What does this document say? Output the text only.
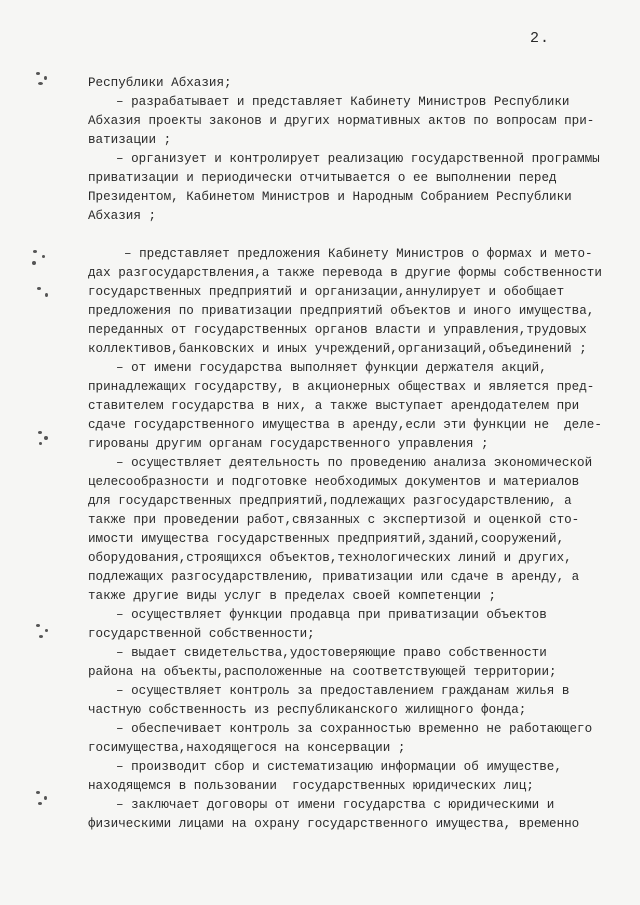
2.
Республики Абхазия;
– разрабатывает и представляет Кабинету Министров Республики
Абхазия проекты законов и других нормативных актов по вопросам при-
ватизации ;
– организует и контролирует реализацию государственной программы
приватизации и периодически отчитывается о ее выполнении перед
Президентом, Кабинетом Министров и Народным Собранием Республики
Абхазия ;
– представляет предложения Кабинету Министров о формах и мето-
дах разгосударствления,а также перевода в другие формы собственности
государственных предприятий и организации,аннулирует и обобщает
предложения по приватизации предприятий объектов и иного имущества,
переданных от государственных органов власти и управления,трудовых
коллективов,банковских и иных учреждений,организаций,объединений ;
– от имени государства выполняет функции держателя акций,
принадлежащих государству, в акционерных обществах и является пред-
ставителем государства в них, а также выступает арендодателем при
сдаче государственного имущества в аренду,если эти функции не  делe-
гированы другим органам государственного управления ;
– осуществляет деятельность по проведению анализа экономической
целесообразности и подготовке необходимых документов и материалов
для государственных предприятий,подлежащих разгосударствлению, а
также при проведении работ,связанных с экспертизой и оценкой сто-
имости имущества государственных предприятий,зданий,сооружений,
оборудования,строящихся объектов,технологических линий и других,
подлежащих разгосударствлению, приватизации или сдаче в аренду, а
также другие виды услуг в пределах своей компетенции ;
– осуществляет функции продавца при приватизации объектов
государственной собственности;
– выдает свидетельства,удостоверяющие право собственности
района на объекты,расположенные на соответствующей территории;
– осуществляет контроль за предоставлением гражданам жилья в
частную собственность из республиканского жилищного фонда;
– обеспечивает контроль за сохранностью временно не работающего
госимущества,находящегося на консервации ;
– производит сбор и систематизацию информации об имуществе,
находящемся в пользовании  государственных юридических лиц;
– заключает договоры от имени государства с юридическими и
физическими лицами на охрану государственного имущества, временно
